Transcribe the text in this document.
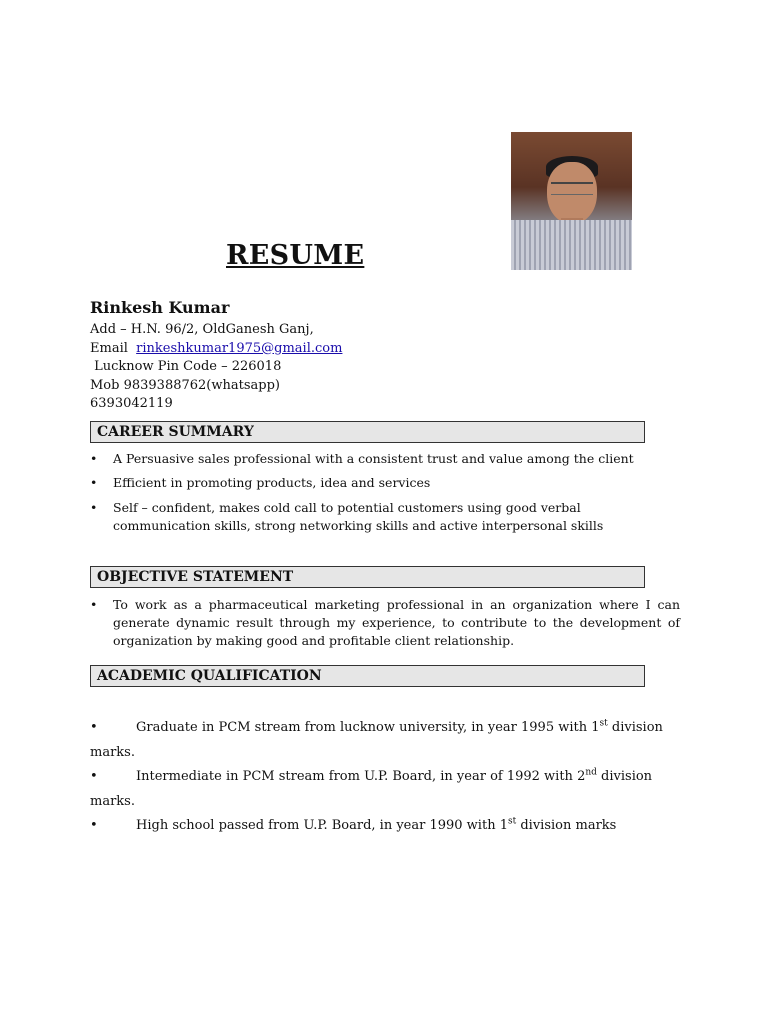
RESUME
Rinkesh Kumar
Add – H.N. 96/2, OldGanesh Ganj,
Email rinkeshkumar1975@gmail.com
Lucknow Pin Code – 226018
Mob 9839388762(whatsapp)
6393042119
CAREER SUMMARY
• A Persuasive sales professional with a consistent trust and value among the client
• Efficient in promoting products, idea and services
• Self – confident, makes cold call to potential customers using good verbal communication skills, strong networking skills and active interpersonal skills
OBJECTIVE STATEMENT
• To work as a pharmaceutical marketing professional in an organization where I can generate dynamic result through my experience, to contribute to the development of organization by making good and profitable client relationship.
ACADEMIC QUALIFICATION
•	Graduate in PCM stream from lucknow university, in year 1995 with 1st division marks.
•	Intermediate in PCM stream from U.P. Board, in year of 1992 with 2nd division marks.
•	High school passed from U.P. Board, in year 1990 with 1st division marks
